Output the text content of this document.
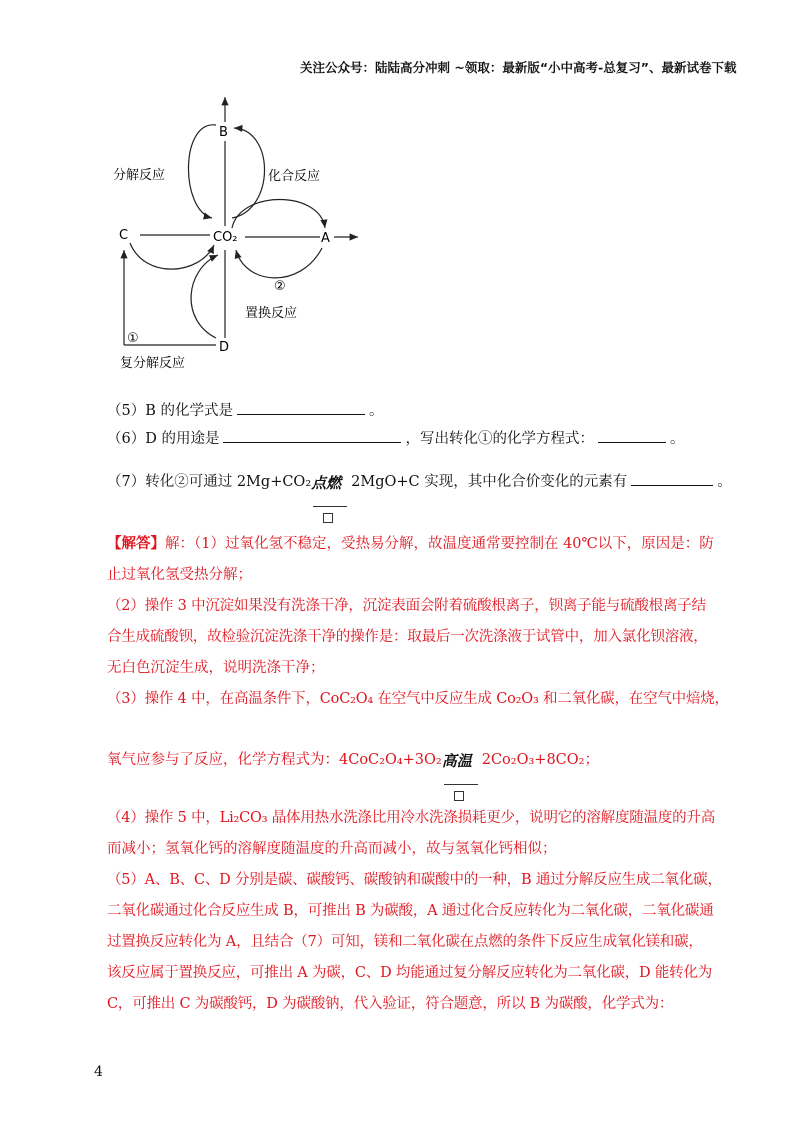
关注公众号：陆陆高分冲刺 ~领取：最新版“小中高考-总复习”、最新试卷下载
B
CO₂	A
C
D
分解反应	化合反应
②
置换反应
①
复分解反应
（5）B 的化学式是	。
（6）D 的用途是	，写出转化①的化学方程式：	。
（7）转化②可通过 2Mg+CO₂ 点燃 2MgO+C 实现，其中化合价变化的元素有	。
【解答】解：（1）过氧化氢不稳定，受热易分解，故温度通常要控制在 40℃以下，原因是：防
止过氧化氢受热分解；
（2）操作 3 中沉淀如果没有洗涤干净，沉淀表面会附着硫酸根离子，钡离子能与硫酸根离子结
合生成硫酸钡，故检验沉淀洗涤干净的操作是：取最后一次洗涤液于试管中，加入氯化钡溶液，
无白色沉淀生成，说明洗涤干净；
（3）操作 4 中，在高温条件下，CoC₂O₄ 在空气中反应生成 Co₂O₃ 和二氧化碳，在空气中焙烧，
氧气应参与了反应，化学方程式为：4CoC₂O₄+3O₂ 高温 2Co₂O₃+8CO₂；
（4）操作 5 中，Li₂CO₃ 晶体用热水洗涤比用冷水洗涤损耗更少，说明它的溶解度随温度的升高
而减小；氢氧化钙的溶解度随温度的升高而减小，故与氢氧化钙相似；
（5）A、B、C、D 分别是碳、碳酸钙、碳酸钠和碳酸中的一种，B 通过分解反应生成二氧化碳，
二氧化碳通过化合反应生成 B，可推出 B 为碳酸，A 通过化合反应转化为二氧化碳，二氧化碳通
过置换反应转化为 A，且结合（7）可知，镁和二氧化碳在点燃的条件下反应生成氧化镁和碳，
该反应属于置换反应，可推出 A 为碳，C、D 均能通过复分解反应转化为二氧化碳，D 能转化为
C，可推出 C 为碳酸钙，D 为碳酸钠，代入验证，符合题意，所以 B 为碳酸，化学式为：
4
